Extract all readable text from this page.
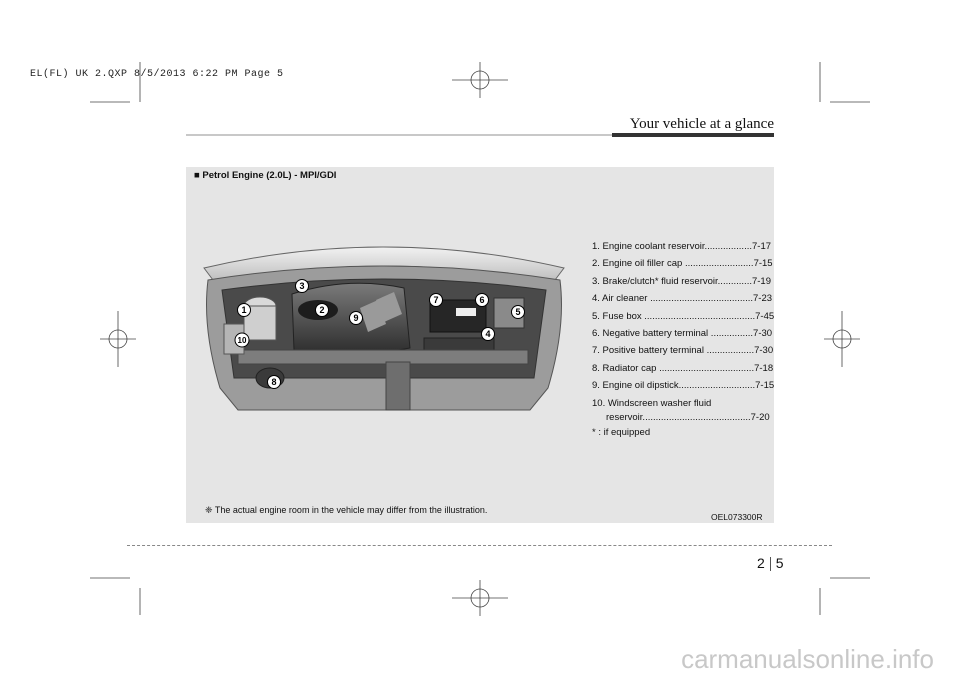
EL(FL) UK 2.QXP 8/5/2013 6:22 PM Page 5
Your vehicle at a glance
■ Petrol Engine (2.0L) - MPI/GDI
1	2
3
4
5
6
7
8
9
10
1. Engine coolant reservoir..................7-17
2. Engine oil filler cap ..........................7-15
3. Brake/clutch* fluid reservoir.............7-19
4. Air cleaner .......................................7-23
5. Fuse box ..........................................7-45
6. Negative battery terminal ................7-30
7. Positive battery terminal ..................7-30
8. Radiator cap ....................................7-18
9. Engine oil dipstick.............................7-15
10. Windscreen washer fluid
reservoir.........................................7-20
* : if equipped
❈ The actual engine room in the vehicle may differ from the illustration.
OEL073300R
2 5
carmanualsonline.info
